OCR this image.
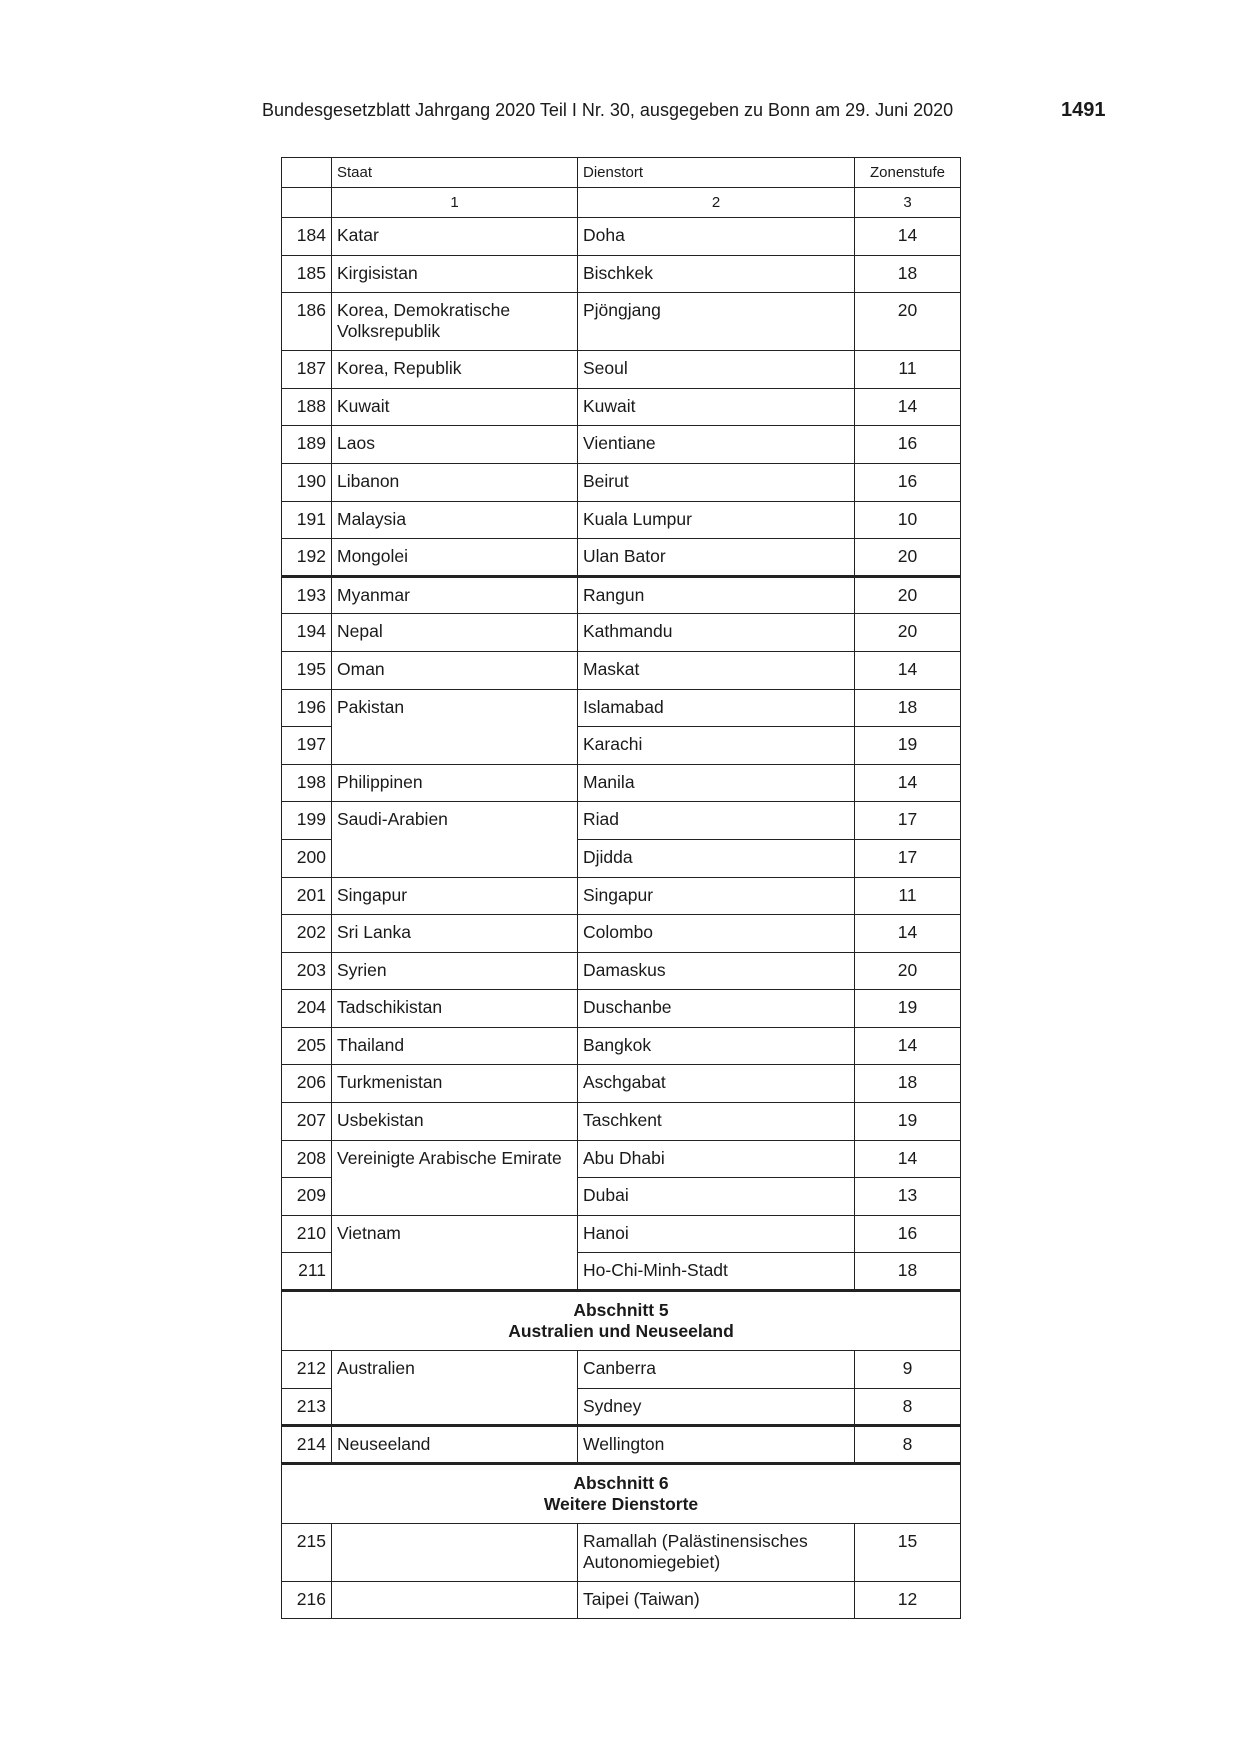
Bundesgesetzblatt Jahrgang 2020 Teil I Nr. 30, ausgegeben zu Bonn am 29. Juni 2020	1491
	Staat	Dienstort	Zonenstufe
	1	2	3
184	Katar	Doha	14
185	Kirgisistan	Bischkek	18
186	Korea, Demokratische Volksrepublik	Pjöngjang	20
187	Korea, Republik	Seoul	11
188	Kuwait	Kuwait	14
189	Laos	Vientiane	16
190	Libanon	Beirut	16
191	Malaysia	Kuala Lumpur	10
192	Mongolei	Ulan Bator	20
193	Myanmar	Rangun	20
194	Nepal	Kathmandu	20
195	Oman	Maskat	14
196	Pakistan	Islamabad	18
197		Karachi	19
198	Philippinen	Manila	14
199	Saudi-Arabien	Riad	17
200		Djidda	17
201	Singapur	Singapur	11
202	Sri Lanka	Colombo	14
203	Syrien	Damaskus	20
204	Tadschikistan	Duschanbe	19
205	Thailand	Bangkok	14
206	Turkmenistan	Aschgabat	18
207	Usbekistan	Taschkent	19
208	Vereinigte Arabische Emirate	Abu Dhabi	14
209		Dubai	13
210	Vietnam	Hanoi	16
211		Ho-Chi-Minh-Stadt	18

Abschnitt 5
Australien und Neuseeland			

212	Australien	Canberra	9
213		Sydney	8
214	Neuseeland	Wellington	8

Abschnitt 6
Weitere Dienstorte			

215		Ramallah (Palästinensisches Autonomiegebiet)	15
216		Taipei (Taiwan)	12
